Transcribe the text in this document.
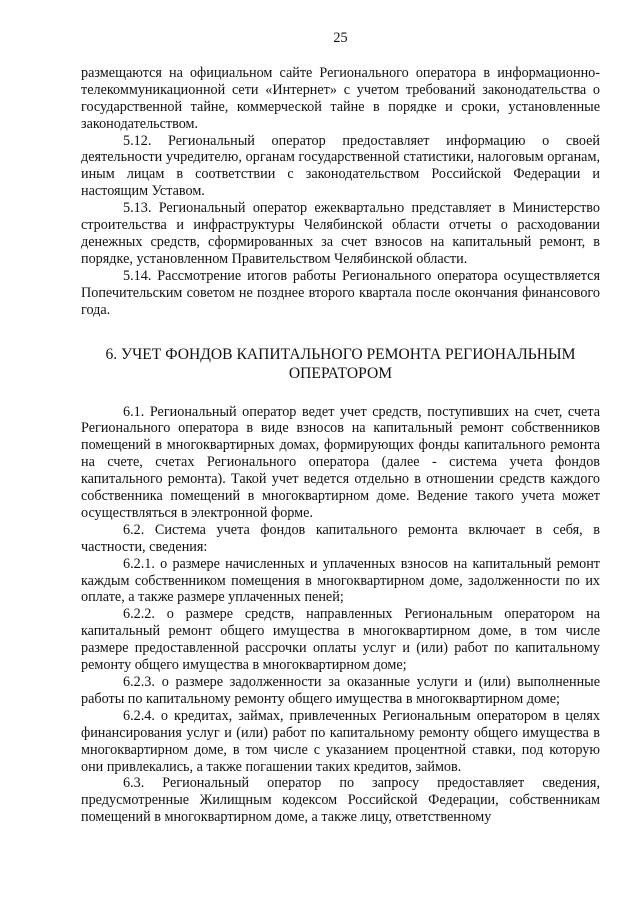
25

размещаются на официальном сайте Регионального оператора в информационно-телекоммуникационной сети «Интернет» с учетом требований законодательства о государственной тайне, коммерческой тайне в порядке и сроки, установленные законодательством.

5.12. Региональный оператор предоставляет информацию о своей деятельности учредителю, органам государственной статистики, налоговым органам, иным лицам в соответствии с законодательством Российской Федерации и настоящим Уставом.

5.13. Региональный оператор ежеквартально представляет в Министерство строительства и инфраструктуры Челябинской области отчеты о расходовании денежных средств, сформированных за счет взносов на капитальный ремонт, в порядке, установленном Правительством Челябинской области.

5.14. Рассмотрение итогов работы Регионального оператора осуществляется Попечительским советом не позднее второго квартала после окончания финансового года.

6. УЧЕТ ФОНДОВ КАПИТАЛЬНОГО РЕМОНТА РЕГИОНАЛЬНЫМ ОПЕРАТОРОМ

6.1. Региональный оператор ведет учет средств, поступивших на счет, счета Регионального оператора в виде взносов на капитальный ремонт собственников помещений в многоквартирных домах, формирующих фонды капитального ремонта на счете, счетах Регионального оператора (далее - система учета фондов капитального ремонта). Такой учет ведется отдельно в отношении средств каждого собственника помещений в многоквартирном доме. Ведение такого учета может осуществляться в электронной форме.

6.2. Система учета фондов капитального ремонта включает в себя, в частности, сведения:

6.2.1. о размере начисленных и уплаченных взносов на капитальный ремонт каждым собственником помещения в многоквартирном доме, задолженности по их оплате, а также размере уплаченных пеней;

6.2.2. о размере средств, направленных Региональным оператором на капитальный ремонт общего имущества в многоквартирном доме, в том числе размере предоставленной рассрочки оплаты услуг и (или) работ по капитальному ремонту общего имущества в многоквартирном доме;

6.2.3. о размере задолженности за оказанные услуги и (или) выполненные работы по капитальному ремонту общего имущества в многоквартирном доме;

6.2.4. о кредитах, займах, привлеченных Региональным оператором в целях финансирования услуг и (или) работ по капитальному ремонту общего имущества в многоквартирном доме, в том числе с указанием процентной ставки, под которую они привлекались, а также погашении таких кредитов, займов.

6.3. Региональный оператор по запросу предоставляет сведения, предусмотренные Жилищным кодексом Российской Федерации, собственникам помещений в многоквартирном доме, а также лицу, ответственному
